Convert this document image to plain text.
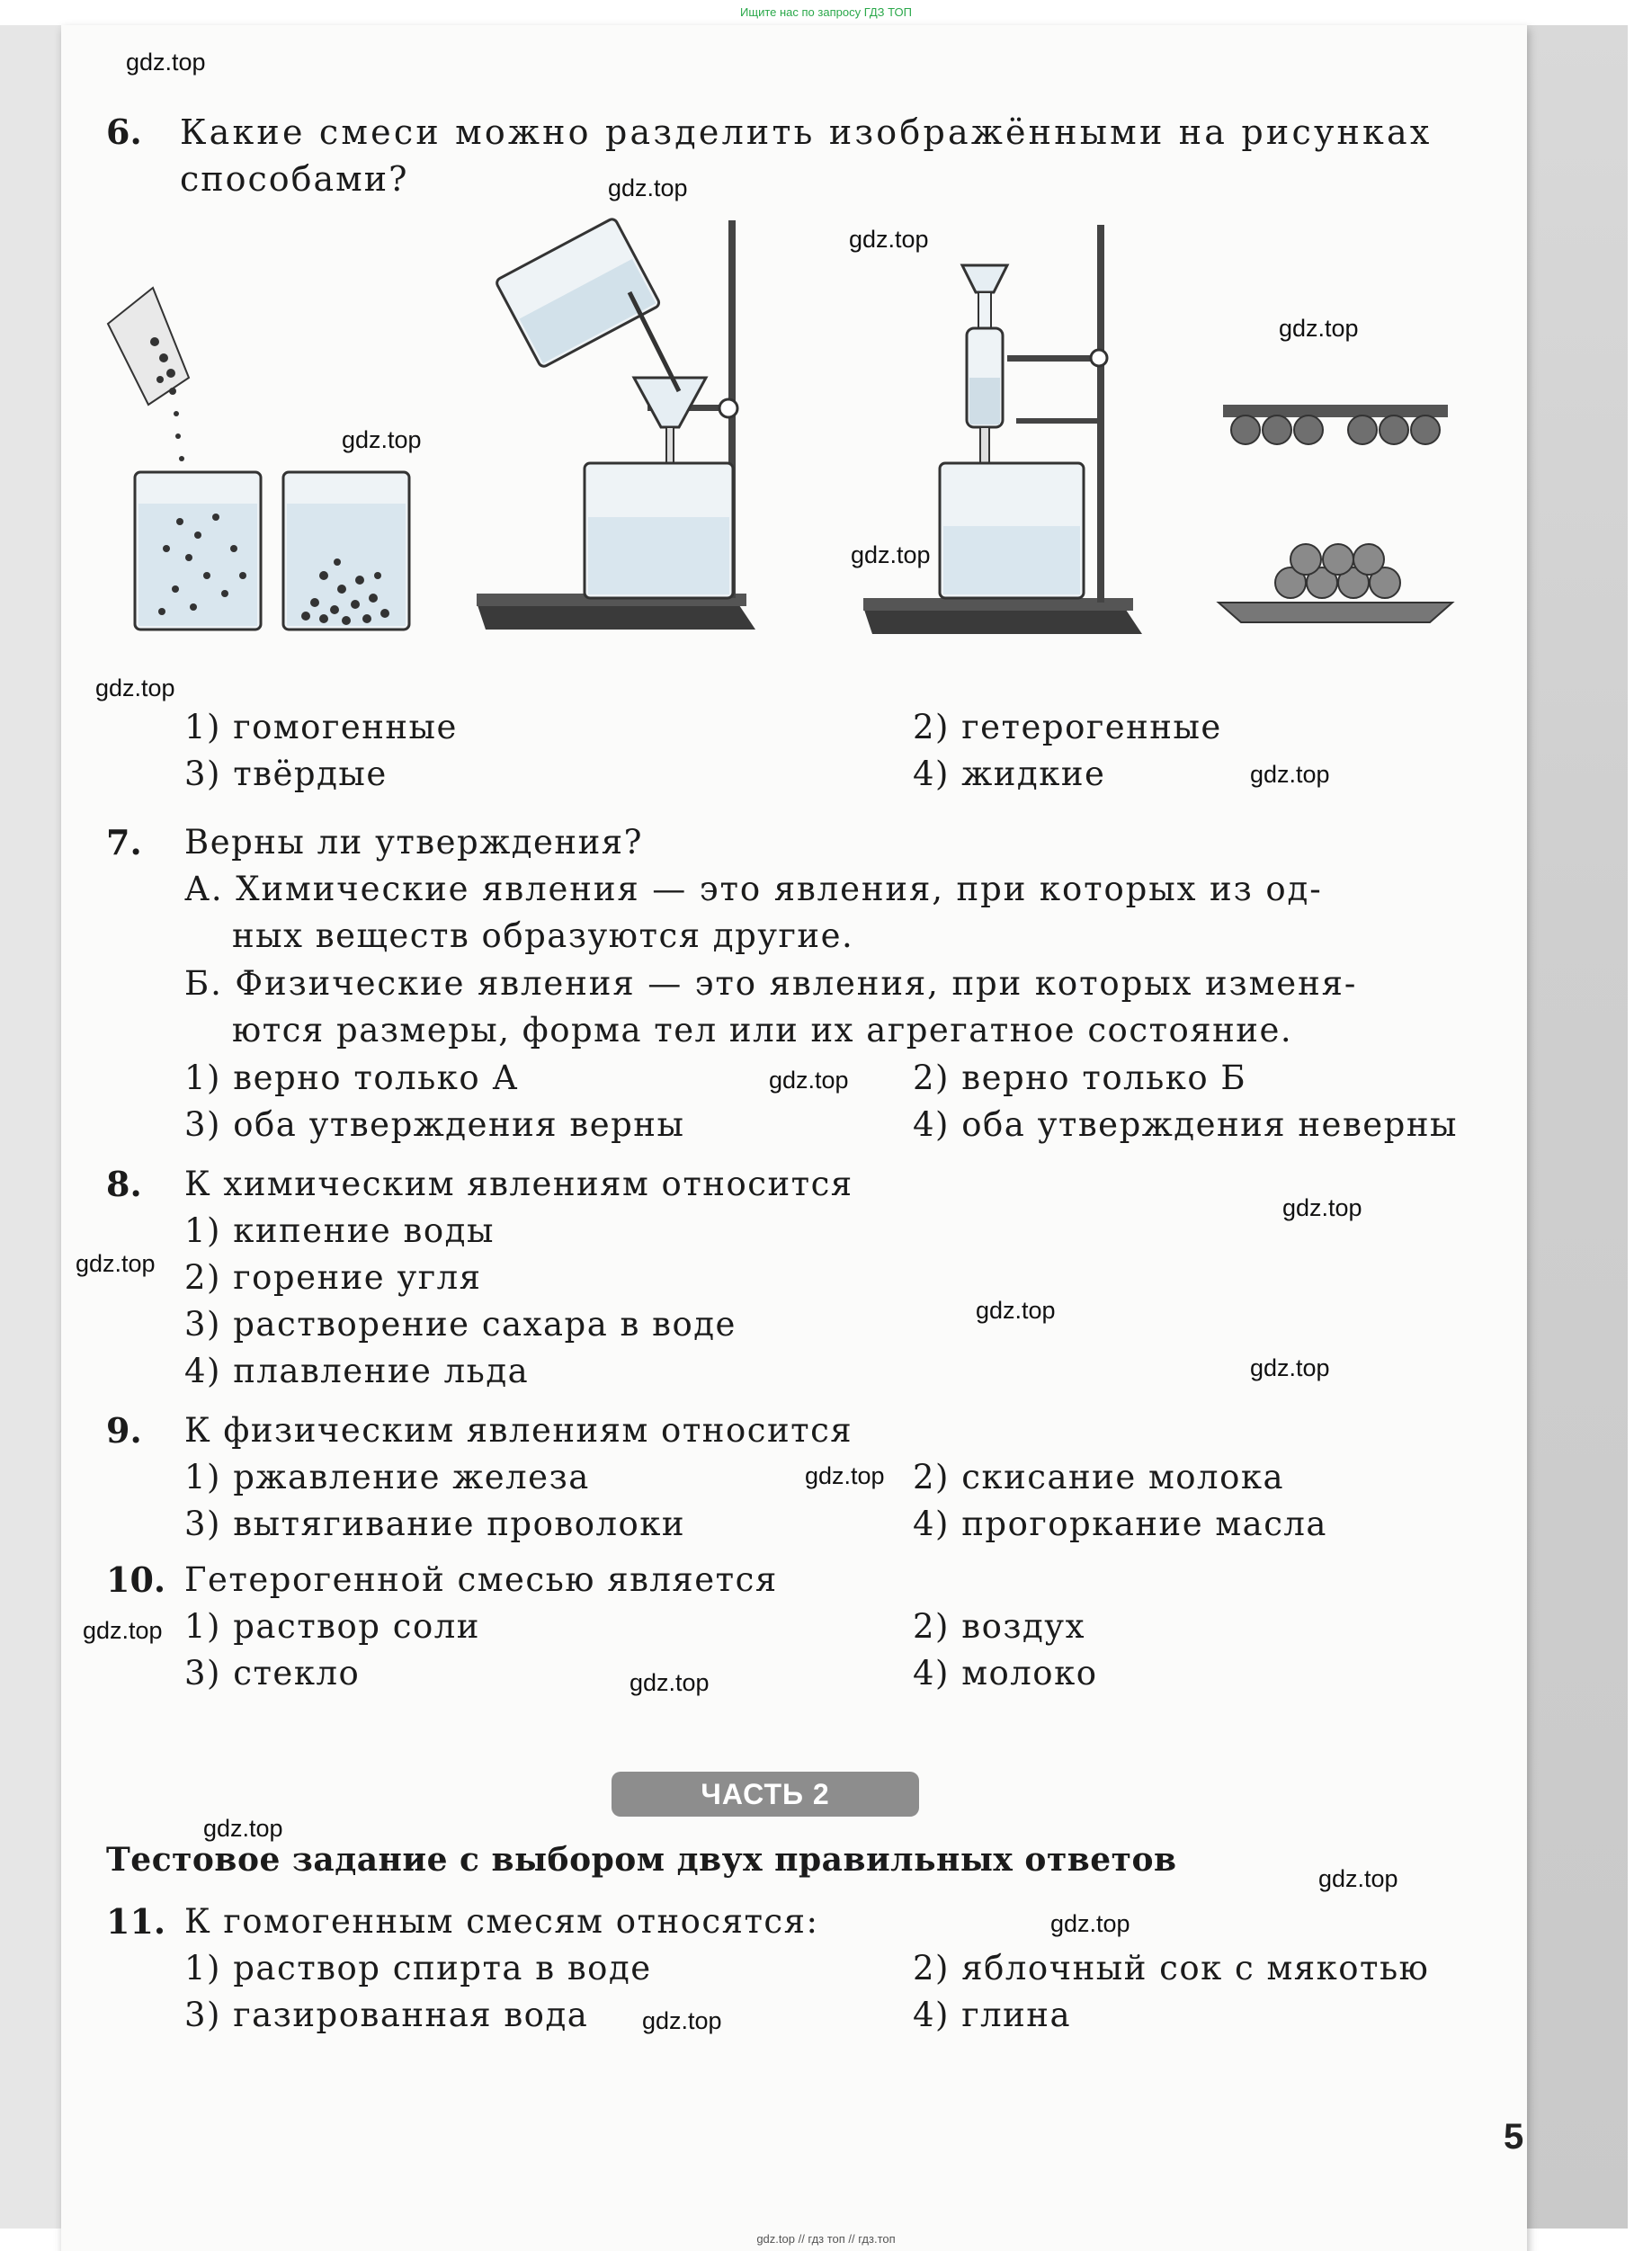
Ищите нас по запросу ГДЗ ТОП
6. Какие смеси можно разделить изображёнными на рисунках
способами?
1) гомогенные	2) гетерогенные
3) твёрдые	4) жидкие
7. Верны ли утверждения?
А. Химические явления — это явления, при которых из од-
ных веществ образуются другие.
Б. Физические явления — это явления, при которых изменя-
ются размеры, форма тел или их агрегатное состояние.
1) верно только А	2) верно только Б
3) оба утверждения верны	4) оба утверждения неверны
8. К химическим явлениям относится
1) кипение воды
2) горение угля
3) растворение сахара в воде
4) плавление льда
9. К физическим явлениям относится
1) ржавление железа	2) скисание молока
3) вытягивание проволоки	4) прогоркание масла
10. Гетерогенной смесью является
1) раствор соли	2) воздух
3) стекло	4) молоко
ЧАСТЬ 2
Тестовое задание с выбором двух правильных ответов
11. К гомогенным смесям относятся:
1) раствор спирта в воде	2) яблочный сок с мякотью
3) газированная вода	4) глина
gdz.top
gdz.top
gdz.top
gdz.top
gdz.top
gdz.top
gdz.top
gdz.top
gdz.top
gdz.top
gdz.top
gdz.top
gdz.top
gdz.top
gdz.top
gdz.top
gdz.top
gdz.top
gdz.top
gdz.top
5
gdz.top // гдз топ // гдз.топ
